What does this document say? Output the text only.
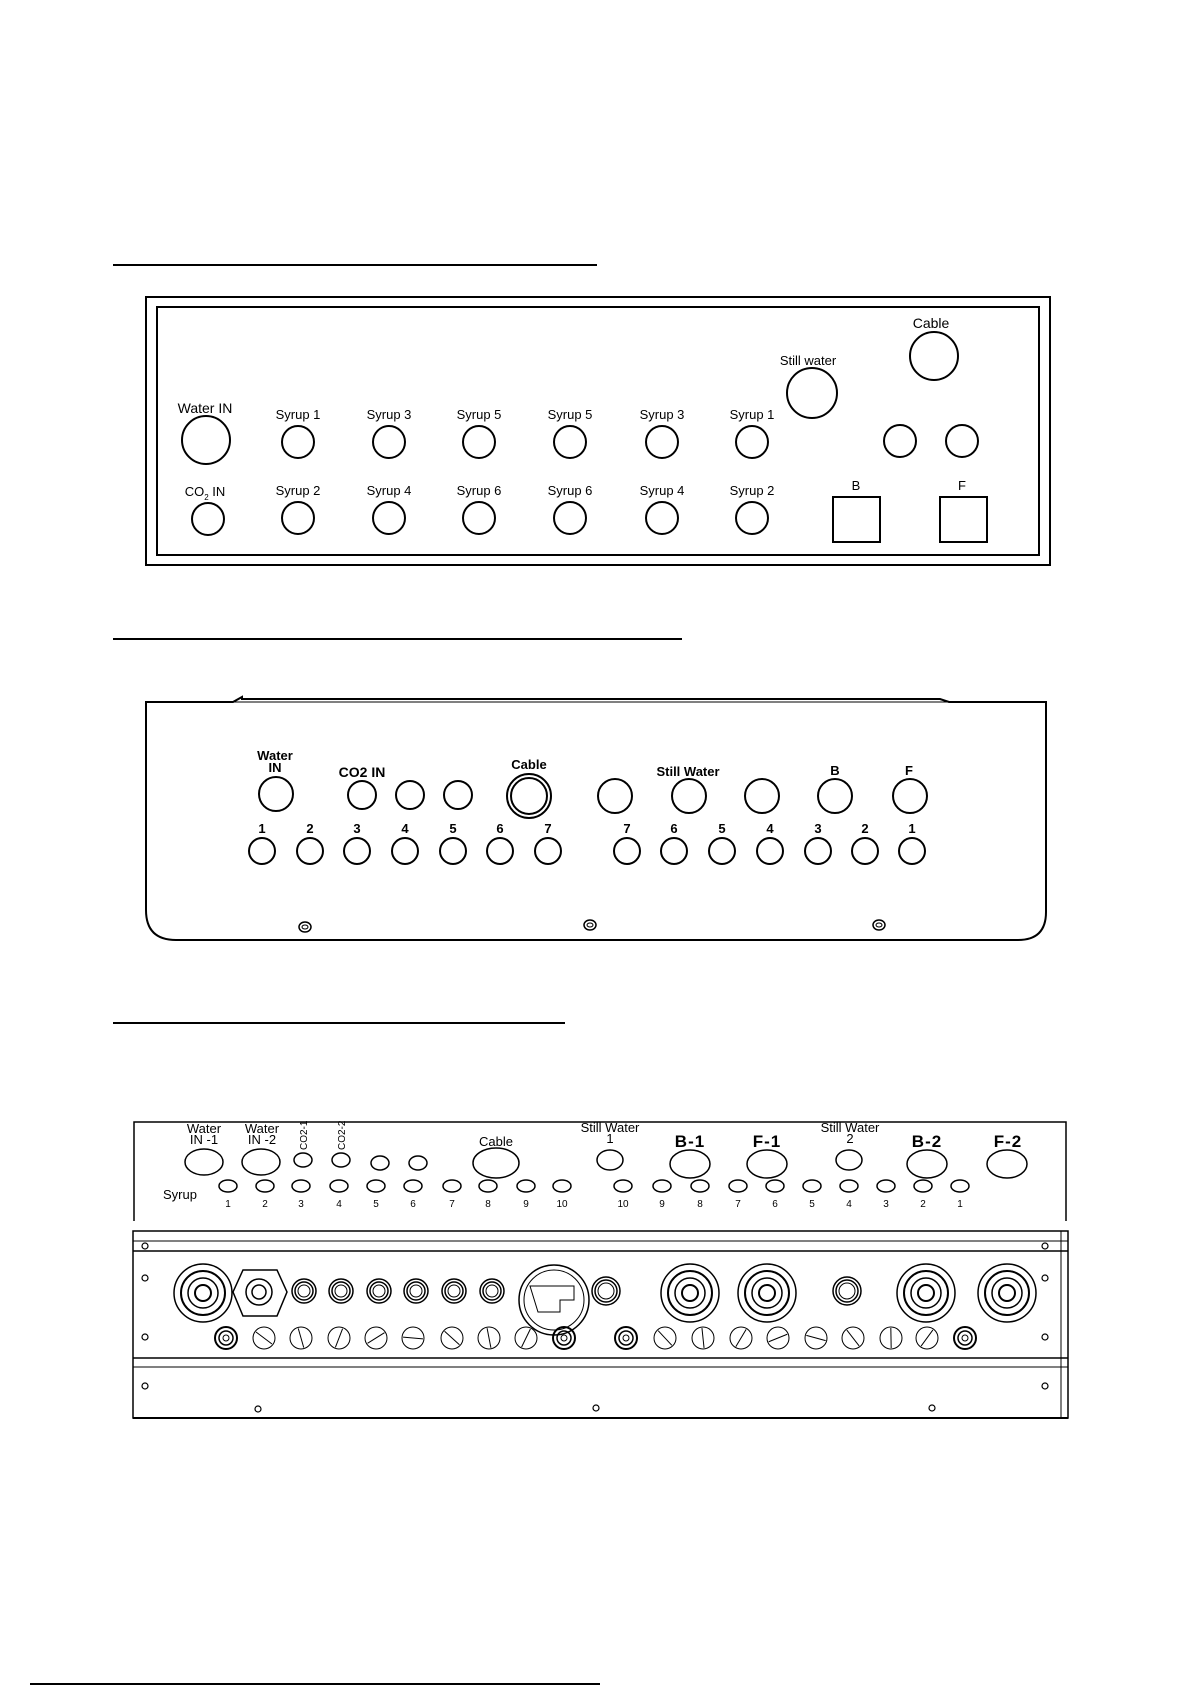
Water IN
$CO_2$ IN
Syrup 1	Syrup 3	Syrup 5	Syrup 5	Syrup 3	Syrup 1
Syrup 2	Syrup 4	Syrup 6	Syrup 6	Syrup 4	Syrup 2
Still water
Cable
B	F
Water IN	CO2 IN	Cable	Still Water	B	F
1	2	3	4	5	6	7	7	6	5	4	3	2	1
Water IN -1
Water IN -2	CO2-1	CO2-2	Cable
Still Water 1	B-1	F-1
Still Water 2	B-2	F-2
Syrup
1	2	3	4	5	6	7	8	9	10	10	9	8	7	6	5	4	3	2	1
